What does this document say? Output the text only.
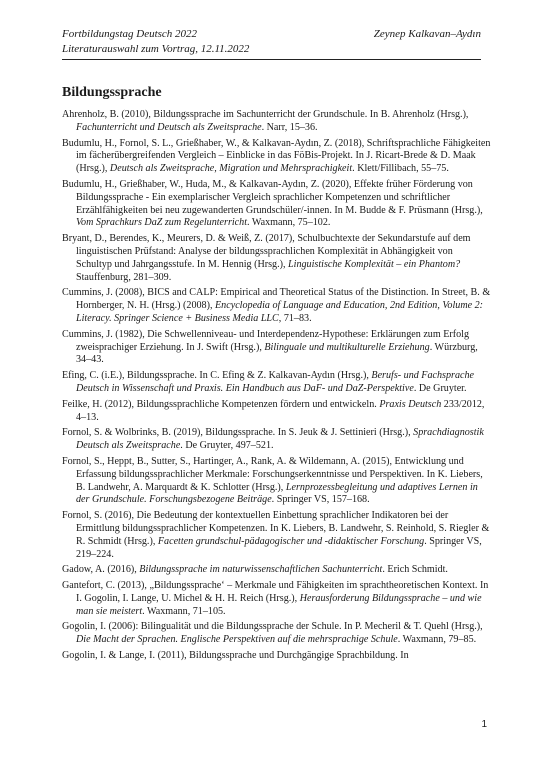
Fortbildungstag Deutsch 2022	Zeynep Kalkavan–Aydın
Literaturauswahl zum Vortrag, 12.11.2022
Bildungssprache

Ahrenholz, B. (2010), Bildungssprache im Sachunterricht der Grundschule. In B. Ahrenholz (Hrsg.), Fachunterricht und Deutsch als Zweitsprache. Narr, 15–36.

Budumlu, H., Fornol, S. L., Grießhaber, W., & Kalkavan-Aydın, Z. (2018), Schriftsprachliche Fähigkeiten im fächerübergreifenden Vergleich – Einblicke in das FöBis-Projekt. In J. Ricart-Brede & D. Maak (Hrsg.), Deutsch als Zweitsprache, Migration und Mehrsprachigkeit. Klett/Fillibach, 55–75.

Budumlu, H., Grießhaber, W., Huda, M., & Kalkavan-Aydın, Z. (2020), Effekte früher Förderung von Bildungssprache - Ein exemplarischer Vergleich sprachlicher Kompetenzen und schriftlicher Erzählfähigkeiten bei neu zugewanderten Grundschüler/-innen. In M. Budde & F. Prüsmann (Hrsg.), Vom Sprachkurs DaZ zum Regelunterricht. Waxmann, 75–102.

Bryant, D., Berendes, K., Meurers, D. & Weiß, Z. (2017), Schulbuchtexte der Sekundarstufe auf dem linguistischen Prüfstand: Analyse der bildungssprachlichen Komplexität in Abhängigkeit von Schultyp und Jahrgangsstufe. In M. Hennig (Hrsg.), Linguistische Komplexität – ein Phantom? Stauffenburg, 281–309.

Cummins, J. (2008), BICS and CALP: Empirical and Theoretical Status of the Distinction. In Street, B. & Hornberger, N. H. (Hrsg.) (2008), Encyclopedia of Language and Education, 2nd Edition, Volume 2: Literacy. Springer Science + Business Media LLC, 71–83.

Cummins, J. (1982), Die Schwellenniveau- und Interdependenz-Hypothese: Erklärungen zum Erfolg zweisprachiger Erziehung. In J. Swift (Hrsg.), Bilinguale und multikulturelle Erziehung. Würzburg, 34–43.

Efing, C. (i.E.), Bildungssprache. In C. Efing & Z. Kalkavan-Aydın (Hrsg.), Berufs- und Fachsprache Deutsch in Wissenschaft und Praxis. Ein Handbuch aus DaF- und DaZ-Perspektive. De Gruyter.

Feilke, H. (2012), Bildungssprachliche Kompetenzen fördern und entwickeln. Praxis Deutsch 233/2012, 4–13.

Fornol, S. & Wolbrinks, B. (2019), Bildungssprache. In S. Jeuk & J. Settinieri (Hrsg.), Sprachdiagnostik Deutsch als Zweitsprache. De Gruyter, 497–521.

Fornol, S., Heppt, B., Sutter, S., Hartinger, A., Rank, A. & Wildemann, A. (2015), Entwicklung und Erfassung bildungssprachlicher Merkmale: Forschungserkenntnisse und Perspektiven. In K. Liebers, B. Landwehr, A. Marquardt & K. Schlotter (Hrsg.), Lernprozessbegleitung und adaptives Lernen in der Grundschule. Forschungsbezogene Beiträge. Springer VS, 157–168.

Fornol, S. (2016), Die Bedeutung der kontextuellen Einbettung sprachlicher Indikatoren bei der Ermittlung bildungssprachlicher Kompetenzen. In K. Liebers, B. Landwehr, S. Reinhold, S. Riegler & R. Schmidt (Hrsg.), Facetten grundschul-pädagogischer und -didaktischer Forschung. Springer VS, 219–224.

Gadow, A. (2016), Bildungssprache im naturwissenschaftlichen Sachunterricht. Erich Schmidt.

Gantefort, C. (2013), „Bildungssprache‘ – Merkmale und Fähigkeiten im sprachtheoretischen Kontext. In I. Gogolin, I. Lange, U. Michel & H. H. Reich (Hrsg.), Herausforderung Bildungssprache – und wie man sie meistert. Waxmann, 71–105.

Gogolin, I. (2006): Bilingualität und die Bildungssprache der Schule. In P. Mecheril & T. Quehl (Hrsg.), Die Macht der Sprachen. Englische Perspektiven auf die mehrsprachige Schule. Waxmann, 79–85.

Gogolin, I. & Lange, I. (2011), Bildungssprache und Durchgängige Sprachbildung. In

1
